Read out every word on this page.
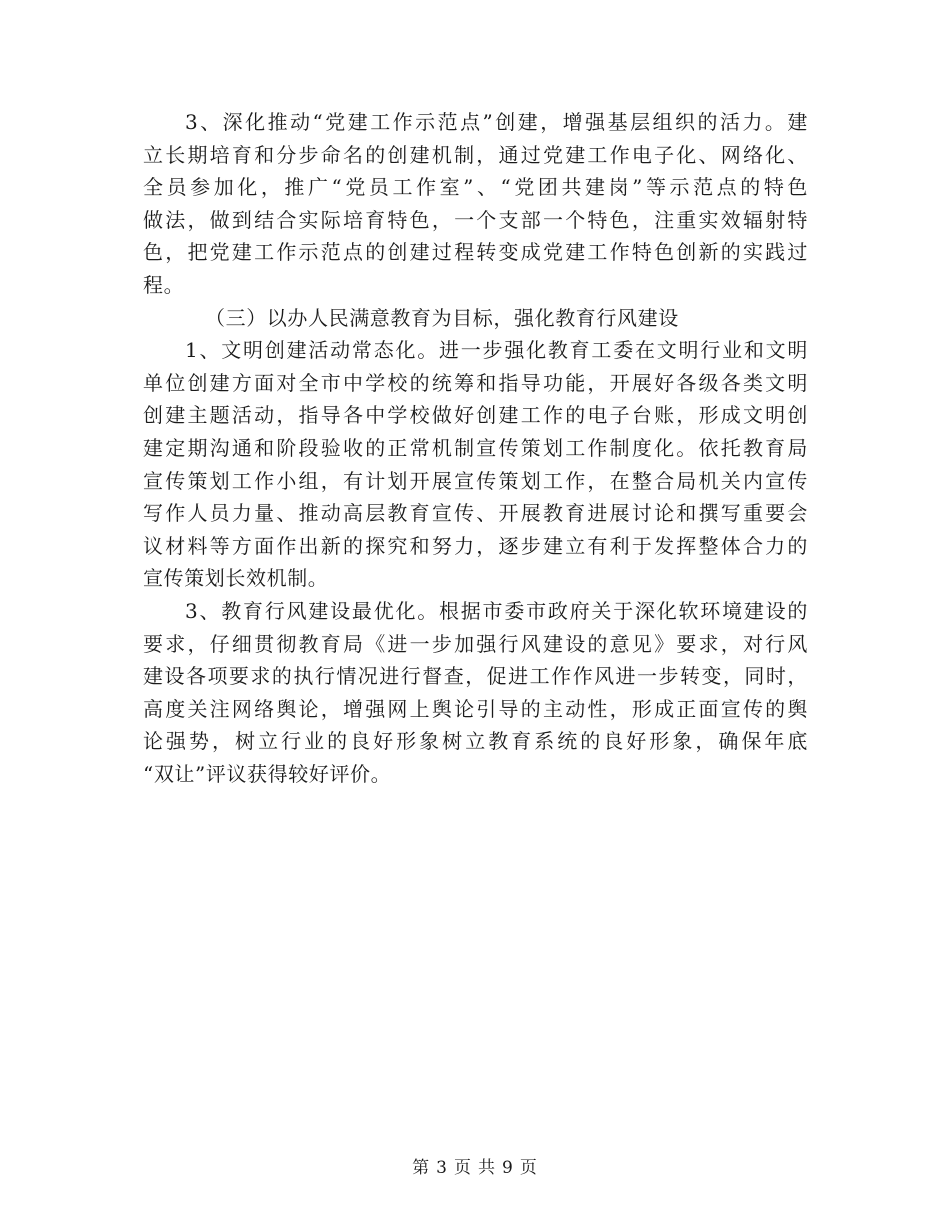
3、深化推动“党建工作示范点”创建，增强基层组织的活力。建
立长期培育和分步命名的创建机制，通过党建工作电子化、网络化、
全员参加化，推广“党员工作室”、“党团共建岗”等示范点的特色
做法，做到结合实际培育特色，一个支部一个特色，注重实效辐射特
色，把党建工作示范点的创建过程转变成党建工作特色创新的实践过
程。
（三）以办人民满意教育为目标，强化教育行风建设
1、文明创建活动常态化。进一步强化教育工委在文明行业和文明
单位创建方面对全市中学校的统筹和指导功能，开展好各级各类文明
创建主题活动，指导各中学校做好创建工作的电子台账，形成文明创
建定期沟通和阶段验收的正常机制宣传策划工作制度化。依托教育局
宣传策划工作小组，有计划开展宣传策划工作，在整合局机关内宣传
写作人员力量、推动高层教育宣传、开展教育进展讨论和撰写重要会
议材料等方面作出新的探究和努力，逐步建立有利于发挥整体合力的
宣传策划长效机制。
3、教育行风建设最优化。根据市委市政府关于深化软环境建设的
要求，仔细贯彻教育局《进一步加强行风建设的意见》要求，对行风
建设各项要求的执行情况进行督查，促进工作作风进一步转变，同时，
高度关注网络舆论，增强网上舆论引导的主动性，形成正面宣传的舆
论强势，树立行业的良好形象树立教育系统的良好形象，确保年底
“双让”评议获得较好评价。
第 3 页 共 9 页
